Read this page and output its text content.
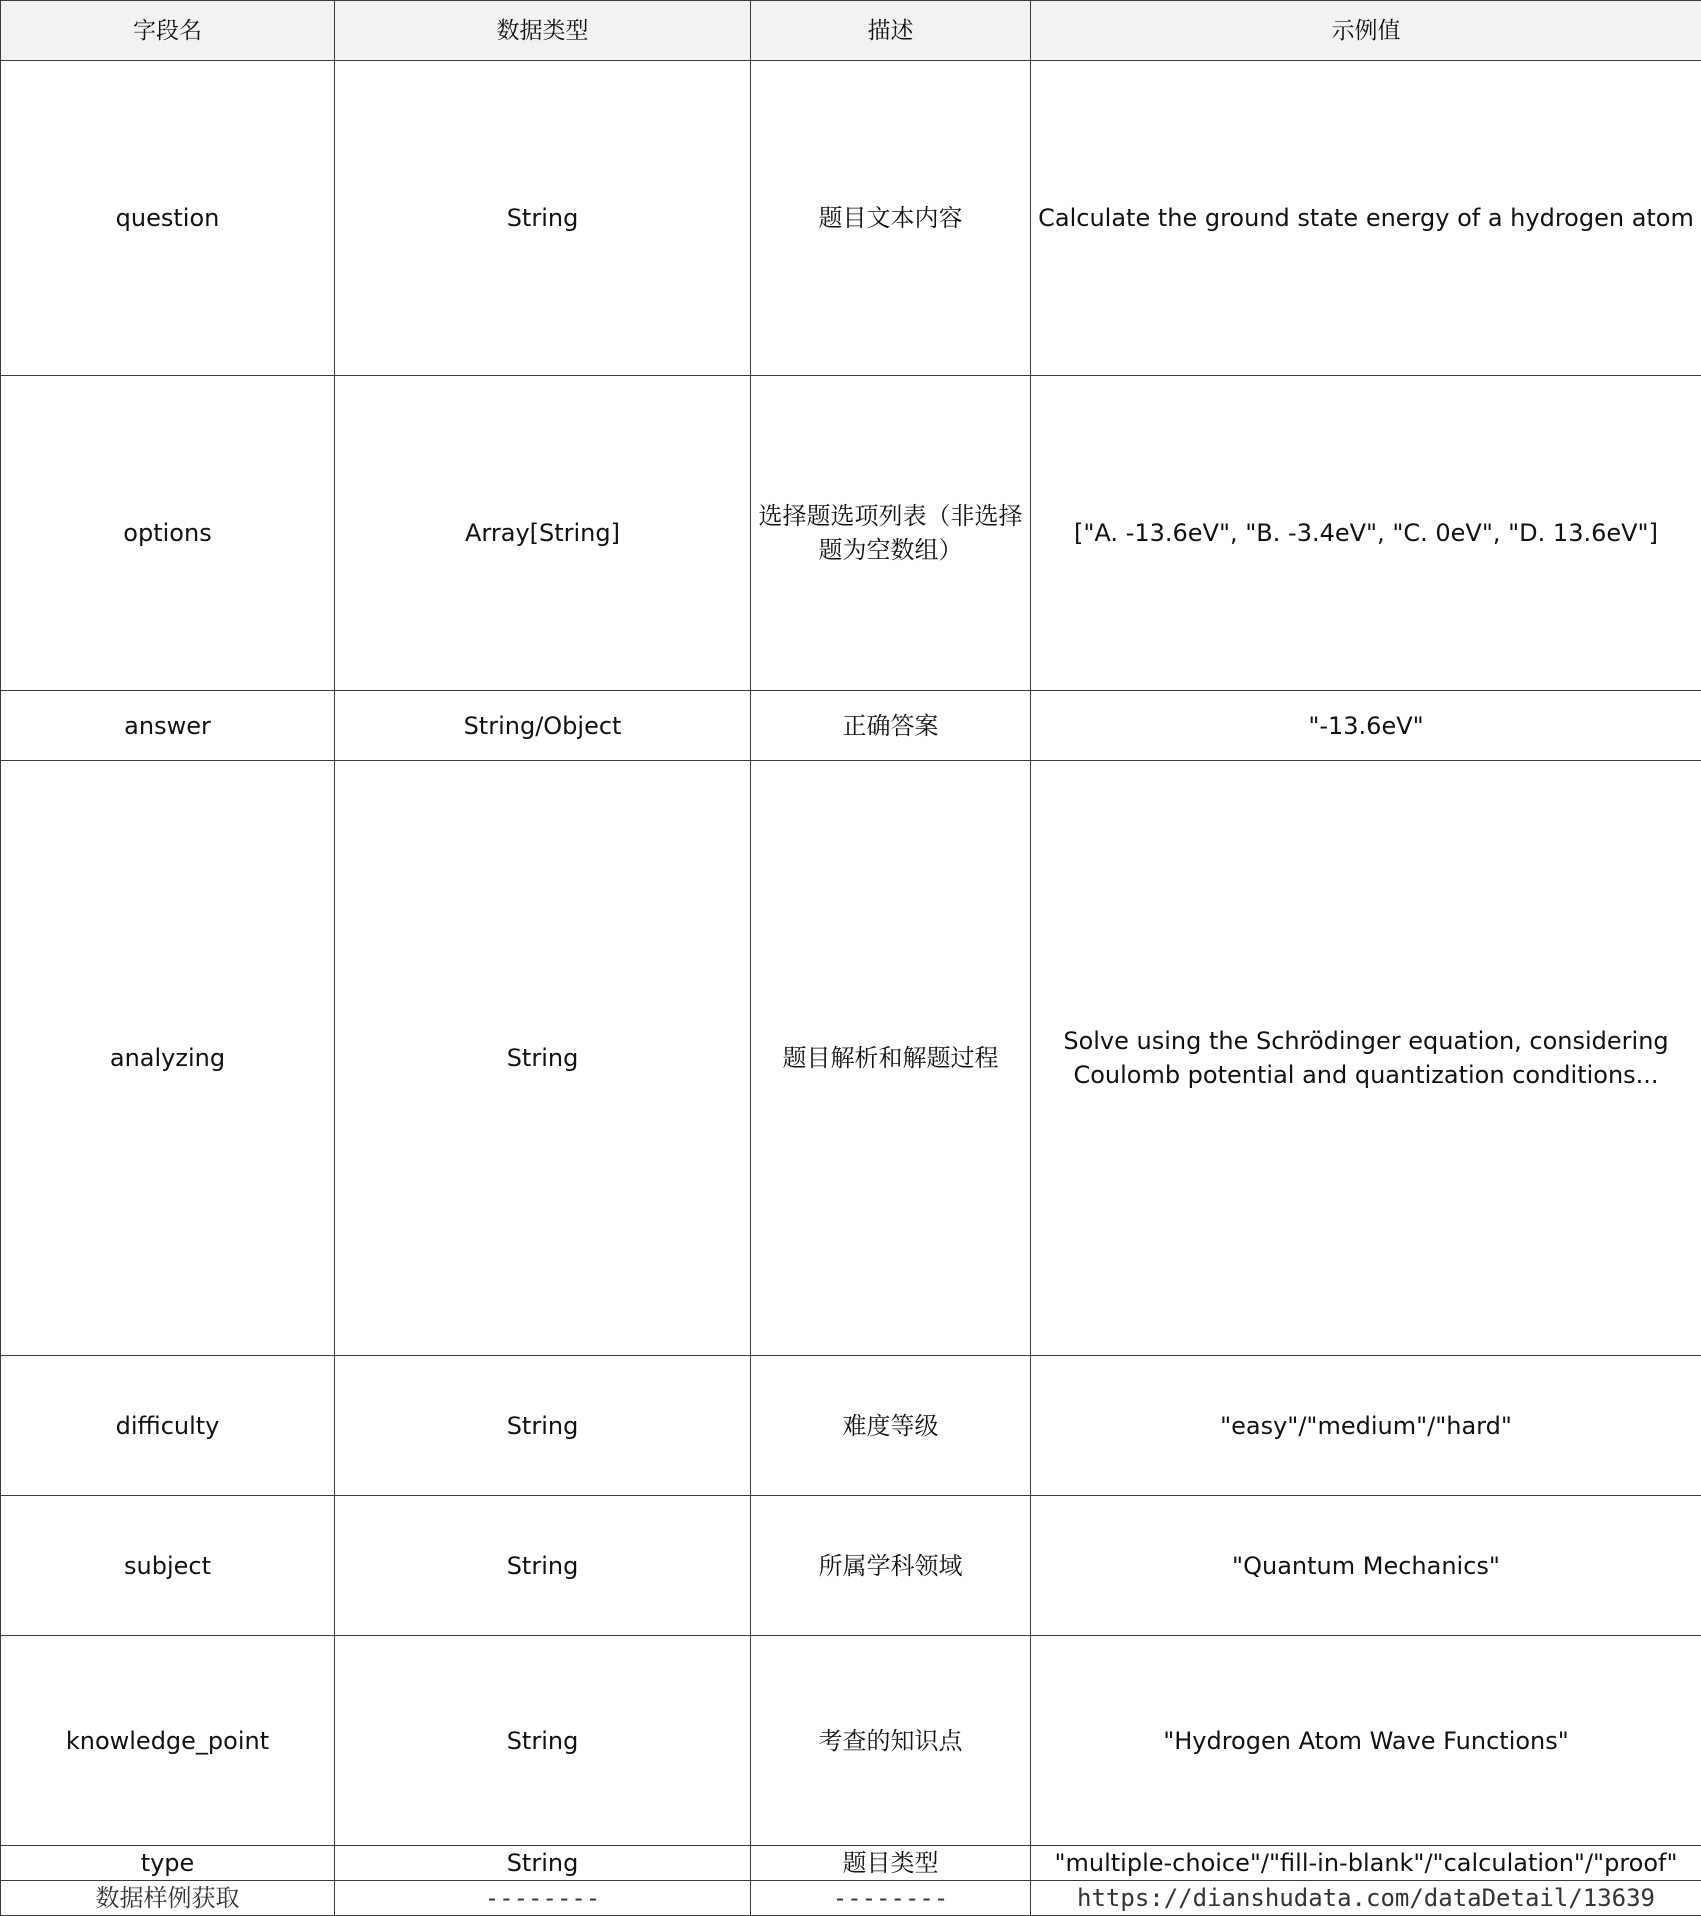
字段名	数据类型	描述	示例值
question	String	题目文本内容	Calculate the ground state energy of a hydrogen atom
options	Array[String]	选择题选项列表（非选择题为空数组）	["A. -13.6eV", "B. -3.4eV", "C. 0eV", "D. 13.6eV"]
answer	String/Object	正确答案	"-13.6eV"
analyzing	String	题目解析和解题过程	Solve using the Schrödinger equation, considering Coulomb potential and quantization conditions...
difficulty	String	难度等级	"easy"/"medium"/"hard"
subject	String	所属学科领域	"Quantum Mechanics"
knowledge_point	String	考查的知识点	"Hydrogen Atom Wave Functions"
type	String	题目类型	"multiple-choice"/"fill-in-blank"/"calculation"/"proof"
数据样例获取	--------	--------	https://dianshudata.com/dataDetail/13639
